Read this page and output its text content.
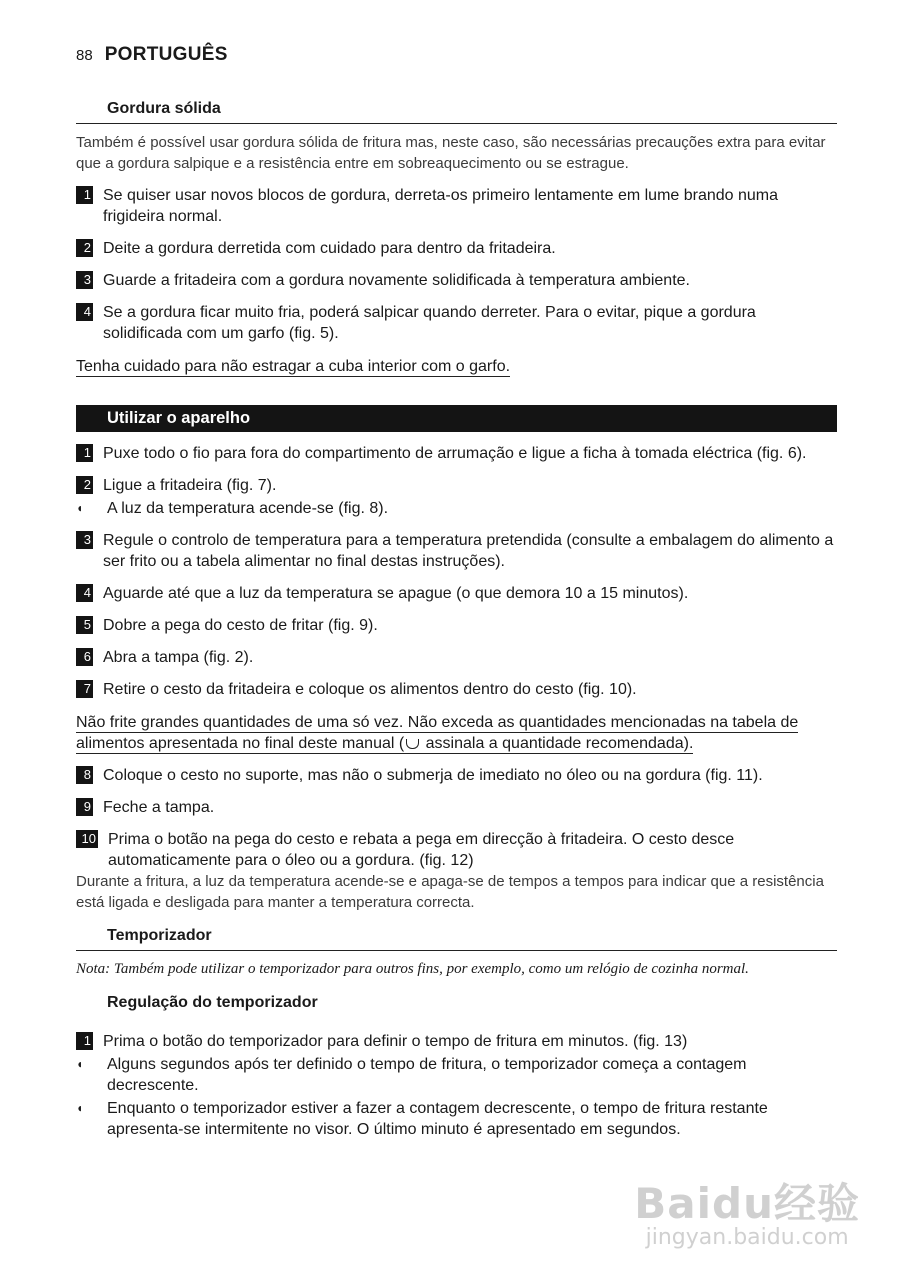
88 PORTUGUÊS
Gordura sólida

Também é possível usar gordura sólida de fritura mas, neste caso, são necessárias precauções extra para evitar que a gordura salpique e a resistência entre em sobreaquecimento ou se estrague.

1 Se quiser usar novos blocos de gordura, derreta-os primeiro lentamente em lume brando numa frigideira normal.
2 Deite a gordura derretida com cuidado para dentro da fritadeira.
3 Guarde a fritadeira com a gordura novamente solidificada à temperatura ambiente.
4 Se a gordura ficar muito fria, poderá salpicar quando derreter. Para o evitar, pique a gordura solidificada com um garfo (fig. 5).
Tenha cuidado para não estragar a cuba interior com o garfo.
Utilizar o aparelho
1 Puxe todo o fio para fora do compartimento de arrumação e ligue a ficha à tomada eléctrica (fig. 6).
2 Ligue a fritadeira (fig. 7).
◖	A luz da temperatura acende-se (fig. 8).
3 Regule o controlo de temperatura para a temperatura pretendida (consulte a embalagem do alimento a ser frito ou a tabela alimentar no final destas instruções).
4 Aguarde até que a luz da temperatura se apague (o que demora 10 a 15 minutos).
5 Dobre a pega do cesto de fritar (fig. 9).
6 Abra a tampa (fig. 2).
7 Retire o cesto da fritadeira e coloque os alimentos dentro do cesto (fig. 10).
Não frite grandes quantidades de uma só vez. Não exceda as quantidades mencionadas na tabela de alimentos apresentada no final deste manual ( assinala a quantidade recomendada).
8 Coloque o cesto no suporte, mas não o submerja de imediato no óleo ou na gordura (fig. 11).
9 Feche a tampa.
10 Prima o botão na pega do cesto e rebata a pega em direcção à fritadeira. O cesto desce automaticamente para o óleo ou a gordura. (fig. 12)

Durante a fritura, a luz da temperatura acende-se e apaga-se de tempos a tempos para indicar que a resistência está ligada e desligada para manter a temperatura correcta.

Temporizador

Nota: Também pode utilizar o temporizador para outros fins, por exemplo, como um relógio de cozinha normal.

Regulação do temporizador
1 Prima o botão do temporizador para definir o tempo de fritura em minutos. (fig. 13)
◖	Alguns segundos após ter definido o tempo de fritura, o temporizador começa a contagem decrescente.
◖	Enquanto o temporizador estiver a fazer a contagem decrescente, o tempo de fritura restante apresenta-se intermitente no visor. O último minuto é apresentado em segundos.
Baidu经验
jingyan.baidu.com
